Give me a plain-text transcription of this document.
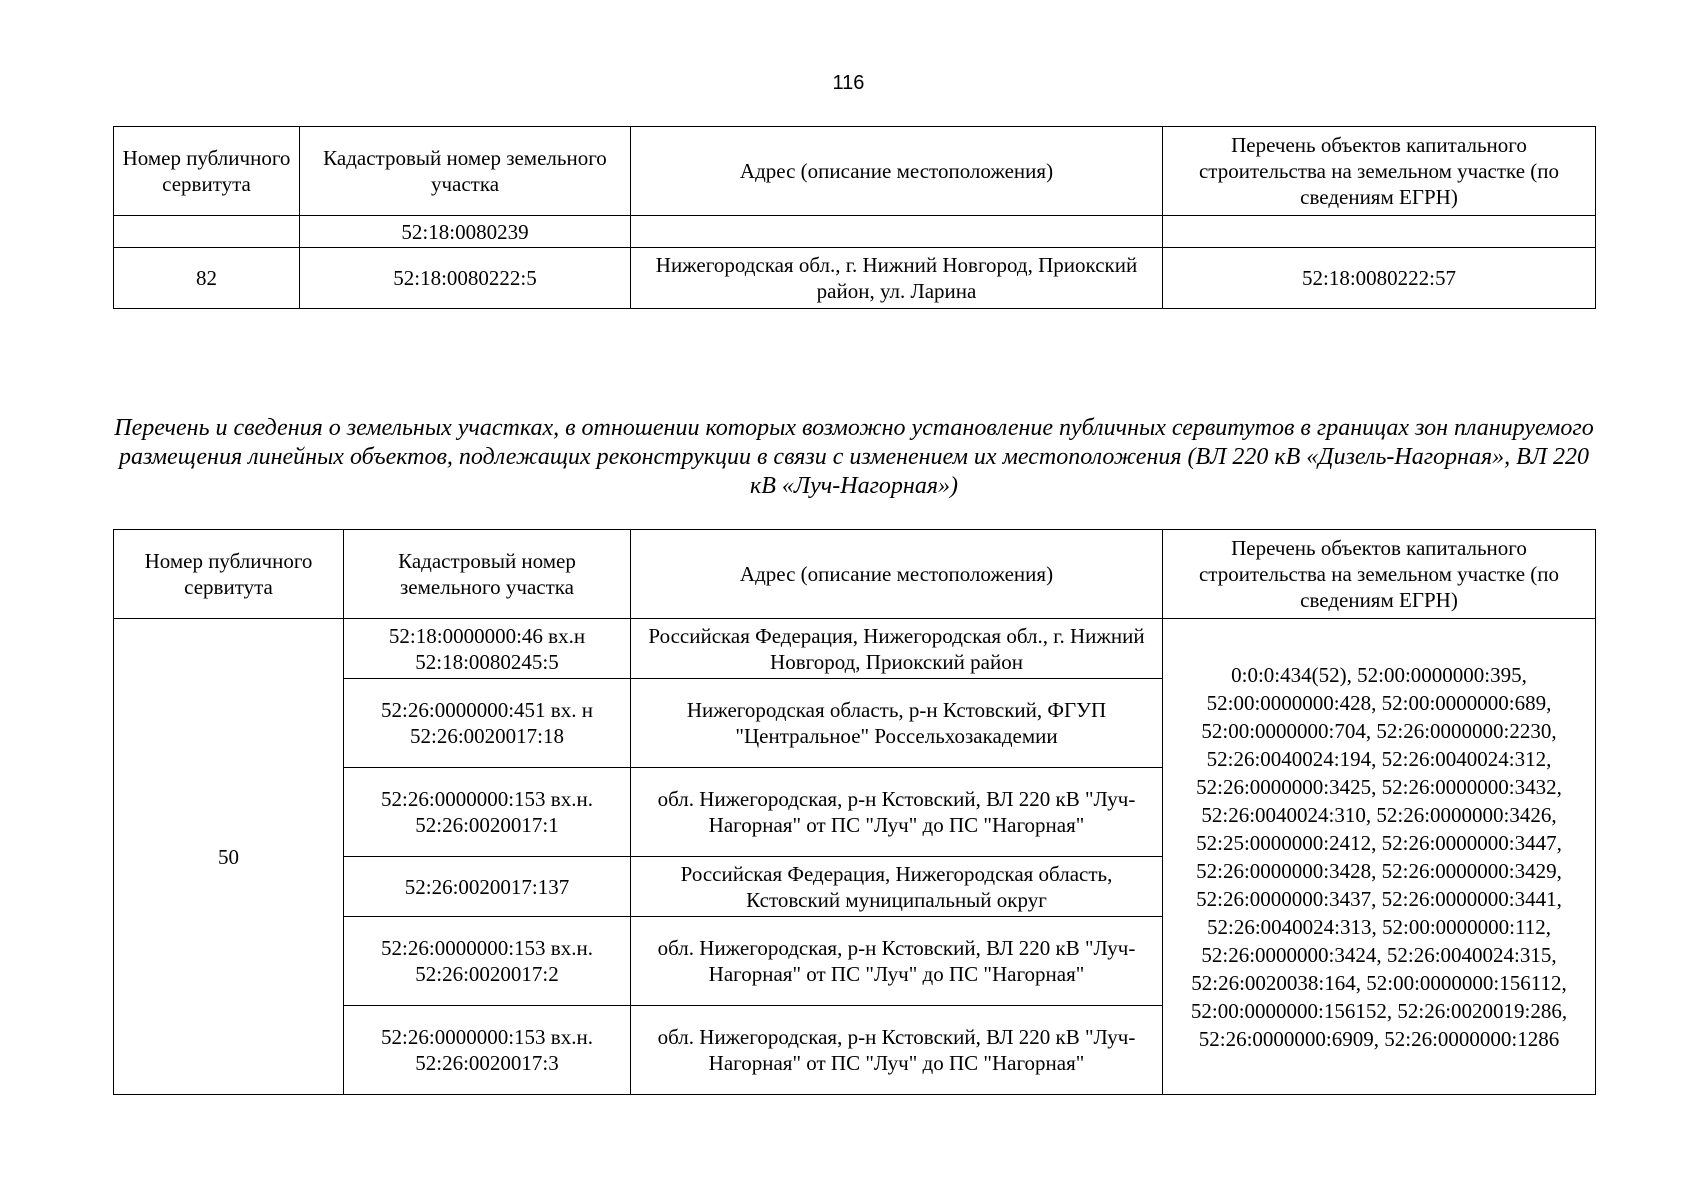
116
Номер публичного сервитута	Кадастровый номер земельного участка	Адрес (описание местоположения)	Перечень объектов капитального строительства на земельном участке (по сведениям ЕГРН)
	52:18:0080239		
82	52:18:0080222:5	Нижегородская обл., г. Нижний Новгород, Приокский район, ул. Ларина	52:18:0080222:57
Перечень и сведения о земельных участках, в отношении которых возможно установление публичных сервитутов в границах зон планируемого размещения линейных объектов, подлежащих реконструкции в связи с изменением их местоположения (ВЛ 220 кВ «Дизель-Нагорная», ВЛ 220 кВ «Луч-Нагорная»)
Номер публичного сервитута	Кадастровый номер земельного участка	Адрес (описание местоположения)	Перечень объектов капитального строительства на земельном участке (по сведениям ЕГРН)
50	52:18:0000000:46 вх.н 52:18:0080245:5	Российская Федерация, Нижегородская обл., г. Нижний Новгород, Приокский район	0:0:0:434(52), 52:00:0000000:395, 52:00:0000000:428, 52:00:0000000:689, 52:00:0000000:704, 52:26:0000000:2230, 52:26:0040024:194, 52:26:0040024:312, 52:26:0000000:3425, 52:26:0000000:3432, 52:26:0040024:310, 52:26:0000000:3426, 52:25:0000000:2412, 52:26:0000000:3447, 52:26:0000000:3428, 52:26:0000000:3429, 52:26:0000000:3437, 52:26:0000000:3441, 52:26:0040024:313, 52:00:0000000:112, 52:26:0000000:3424, 52:26:0040024:315, 52:26:0020038:164, 52:00:0000000:156112, 52:00:0000000:156152, 52:26:0020019:286, 52:26:0000000:6909, 52:26:0000000:1286
	52:26:0000000:451 вх. н 52:26:0020017:18	Нижегородская область, р-н Кстовский, ФГУП "Центральное" Россельхозакадемии	
	52:26:0000000:153 вх.н. 52:26:0020017:1	обл. Нижегородская, р-н Кстовский, ВЛ 220 кВ "Луч-Нагорная" от ПС "Луч" до ПС "Нагорная"	
	52:26:0020017:137	Российская Федерация, Нижегородская область, Кстовский муниципальный округ	
	52:26:0000000:153 вх.н. 52:26:0020017:2	обл. Нижегородская, р-н Кстовский, ВЛ 220 кВ "Луч-Нагорная" от ПС "Луч" до ПС "Нагорная"	
	52:26:0000000:153 вх.н. 52:26:0020017:3	обл. Нижегородская, р-н Кстовский, ВЛ 220 кВ "Луч-Нагорная" от ПС "Луч" до ПС "Нагорная"	
